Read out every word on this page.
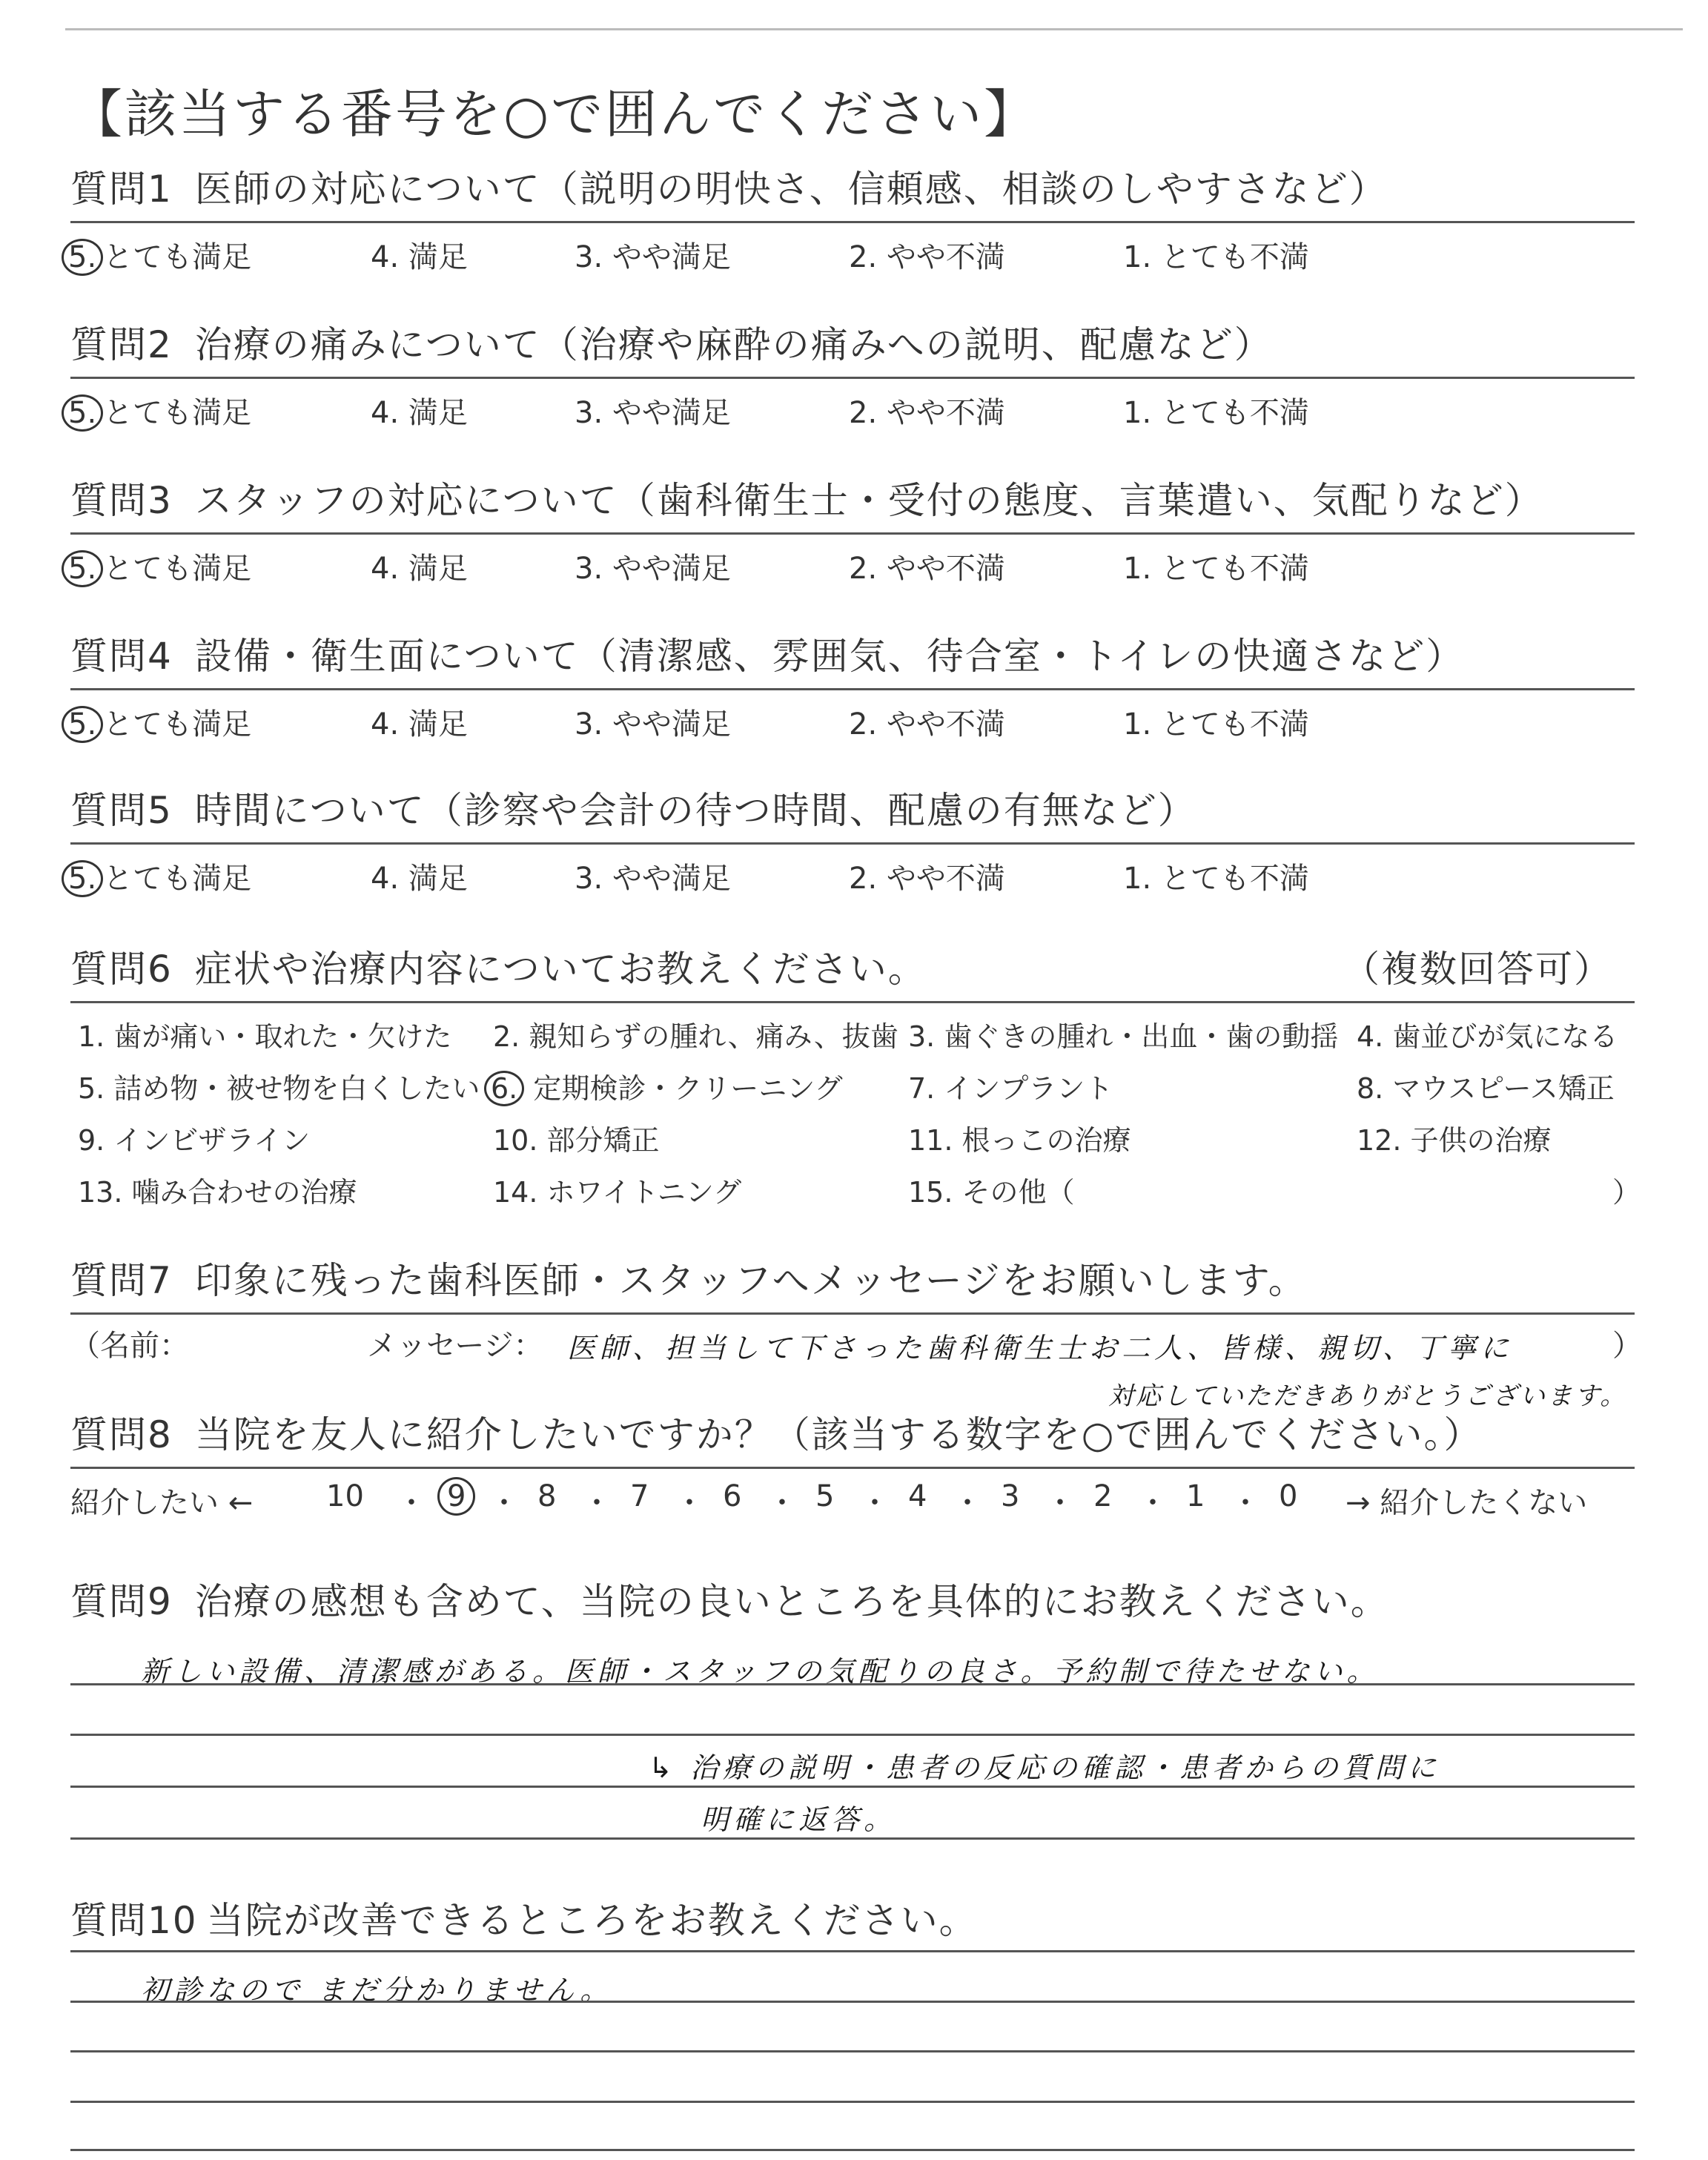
【該当する番号を○で囲んでください】
質問1 医師の対応について（説明の明快さ、信頼感、相談のしやすさなど）
5. とても満足	4. 満足	3. やや満足	2. やや不満	1. とても不満
質問2 治療の痛みについて（治療や麻酔の痛みへの説明、配慮など）
5. とても満足	4. 満足	3. やや満足	2. やや不満	1. とても不満
質問3 スタッフの対応について（歯科衛生士・受付の態度、言葉遣い、気配りなど）
5. とても満足	4. 満足	3. やや満足	2. やや不満	1. とても不満
質問4 設備・衛生面について（清潔感、雰囲気、待合室・トイレの快適さなど）
5. とても満足	4. 満足	3. やや満足	2. やや不満	1. とても不満
質問5 時間について（診察や会計の待つ時間、配慮の有無など）
5. とても満足	4. 満足	3. やや満足	2. やや不満	1. とても不満
質問6 症状や治療内容についてお教えください。	（複数回答可）
1. 歯が痛い・取れた・欠けた 2. 親知らずの腫れ、痛み、抜歯 3. 歯ぐきの腫れ・出血・歯の動揺 4. 歯並びが気になる
5. 詰め物・被せ物を白くしたい 6. 定期検診・クリーニング 7. インプラント	8. マウスピース矯正
9. インビザライン	10. 部分矯正	11. 根っこの治療	12. 子供の治療
13. 噛み合わせの治療	14. ホワイトニング	15. その他（	）
質問7 印象に残った歯科医師・スタッフへメッセージをお願いします。
（名前：	メッセージ： 医師、担当して下さった歯科衛生士お二人、皆様、親切、丁寧に
対応していただきありがとうございます。
）
質問8 当院を友人に紹介したいですか？（該当する数字を○で囲んでください。）
紹介したい ← 10 ・ 9 ・ 8 ・ 7 ・ 6 ・ 5 ・ 4 ・ 3 ・ 2 ・ 1 ・ 0 → 紹介したくない
質問9 治療の感想も含めて、当院の良いところを具体的にお教えください。
新しい設備、清潔感がある。医師・スタッフの気配りの良さ。予約制で待たせない。
↳ 治療の説明・患者の反応の確認・患者からの質問に
明確に返答。
質問10 当院が改善できるところをお教えください。
初診なので まだ分かりません。
